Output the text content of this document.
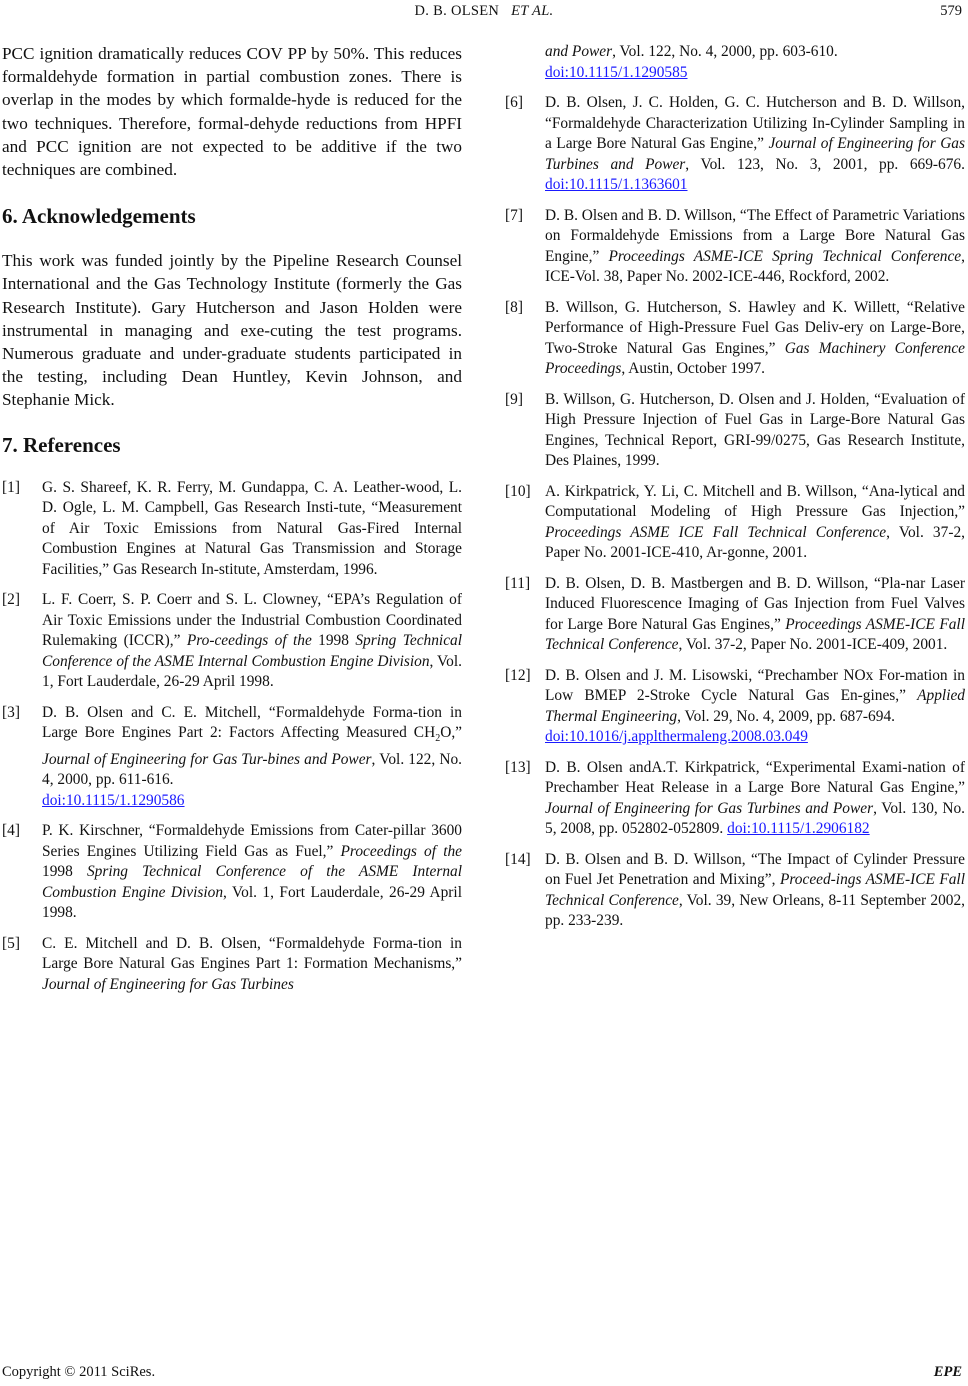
D. B. OLSEN ET AL.	579

PCC ignition dramatically reduces COV PP by 50%. This reduces formaldehyde formation in partial combustion zones. There is overlap in the modes by which formalde-hyde is reduced for the two techniques. Therefore, formal-dehyde reductions from HPFI and PCC ignition are not expected to be additive if the two techniques are combined.

6. Acknowledgements

This work was funded jointly by the Pipeline Research Counsel International and the Gas Technology Institute (formerly the Gas Research Institute). Gary Hutcherson and Jason Holden were instrumental in managing and exe-cuting the test programs. Numerous graduate and under-graduate students participated in the testing, including Dean Huntley, Kevin Johnson, and Stephanie Mick.

7. References
[1]	G. S. Shareef, K. R. Ferry, M. Gundappa, C. A. Leather-wood, L. D. Ogle, L. M. Campbell, Gas Research Insti-tute, “Measurement of Air Toxic Emissions from Natural Gas-Fired Internal Combustion Engines at Natural Gas Transmission and Storage Facilities,” Gas Research In-stitute, Amsterdam, 1996.
[2]	L. F. Coerr, S. P. Coerr and S. L. Clowney, “EPA’s Regulation of Air Toxic Emissions under the Industrial Combustion Coordinated Rulemaking (ICCR),” Pro-ceedings of the 1998 Spring Technical Conference of the ASME Internal Combustion Engine Division, Vol. 1, Fort Lauderdale, 26-29 April 1998.
[3]	D. B. Olsen and C. E. Mitchell, “Formaldehyde Forma-tion in Large Bore Engines Part 2: Factors Affecting Measured $CH_2O$,” Journal of Engineering for Gas Tur-bines and Power, Vol. 122, No. 4, 2000, pp. 611-616.
doi:10.1115/1.1290586
[4]	P. K. Kirschner, “Formaldehyde Emissions from Cater-pillar 3600 Series Engines Utilizing Field Gas as Fuel,” Proceedings of the 1998 Spring Technical Conference of the ASME Internal Combustion Engine Division, Vol. 1, Fort Lauderdale, 26-29 April 1998.
[5]	C. E. Mitchell and D. B. Olsen, “Formaldehyde Forma-tion in Large Bore Natural Gas Engines Part 1: Formation Mechanisms,” Journal of Engineering for Gas Turbines
and Power, Vol. 122, No. 4, 2000, pp. 603-610.
doi:10.1115/1.1290585
[6]	D. B. Olsen, J. C. Holden, G. C. Hutcherson and B. D. Willson, “Formaldehyde Characterization Utilizing In-Cylinder Sampling in a Large Bore Natural Gas Engine,” Journal of Engineering for Gas Turbines and Power, Vol. 123, No. 3, 2001, pp. 669-676. doi:10.1115/1.1363601
[7]	D. B. Olsen and B. D. Willson, “The Effect of Parametric Variations on Formaldehyde Emissions from a Large Bore Natural Gas Engine,” Proceedings ASME-ICE Spring Technical Conference, ICE-Vol. 38, Paper No. 2002-ICE-446, Rockford, 2002.
[8]	B. Willson, G. Hutcherson, S. Hawley and K. Willett, “Relative Performance of High-Pressure Fuel Gas Deliv-ery on Large-Bore, Two-Stroke Natural Gas Engines,” Gas Machinery Conference Proceedings, Austin, October 1997.
[9]	B. Willson, G. Hutcherson, D. Olsen and J. Holden, “Evaluation of High Pressure Injection of Fuel Gas in Large-Bore Natural Gas Engines, Technical Report, GRI-99/0275, Gas Research Institute, Des Plaines, 1999.
[10] A. Kirkpatrick, Y. Li, C. Mitchell and B. Willson, “Ana-lytical and Computational Modeling of High Pressure Gas Injection,” Proceedings ASME ICE Fall Technical Conference, Vol. 37-2, Paper No. 2001-ICE-410, Ar-gonne, 2001.
[11] D. B. Olsen, D. B. Mastbergen and B. D. Willson, “Pla-nar Laser Induced Fluorescence Imaging of Gas Injection from Fuel Valves for Large Bore Natural Gas Engines,” Proceedings ASME-ICE Fall Technical Conference, Vol. 37-2, Paper No. 2001-ICE-409, 2001.
[12] D. B. Olsen and J. M. Lisowski, “Prechamber NOx For-mation in Low BMEP 2-Stroke Cycle Natural Gas En-gines,” Applied Thermal Engineering, Vol. 29, No. 4, 2009, pp. 687-694.
doi:10.1016/j.applthermaleng.2008.03.049
[13] D. B. Olsen andA.T. Kirkpatrick, “Experimental Exami-nation of Prechamber Heat Release in a Large Bore Natural Gas Engine,” Journal of Engineering for Gas Turbines and Power, Vol. 130, No. 5, 2008, pp. 052802-052809. doi:10.1115/1.2906182
[14] D. B. Olsen and B. D. Willson, “The Impact of Cylinder Pressure on Fuel Jet Penetration and Mixing”, Proceed-ings ASME-ICE Fall Technical Conference, Vol. 39, New Orleans, 8-11 September 2002, pp. 233-239.
Copyright © 2011 SciRes.	EPE
